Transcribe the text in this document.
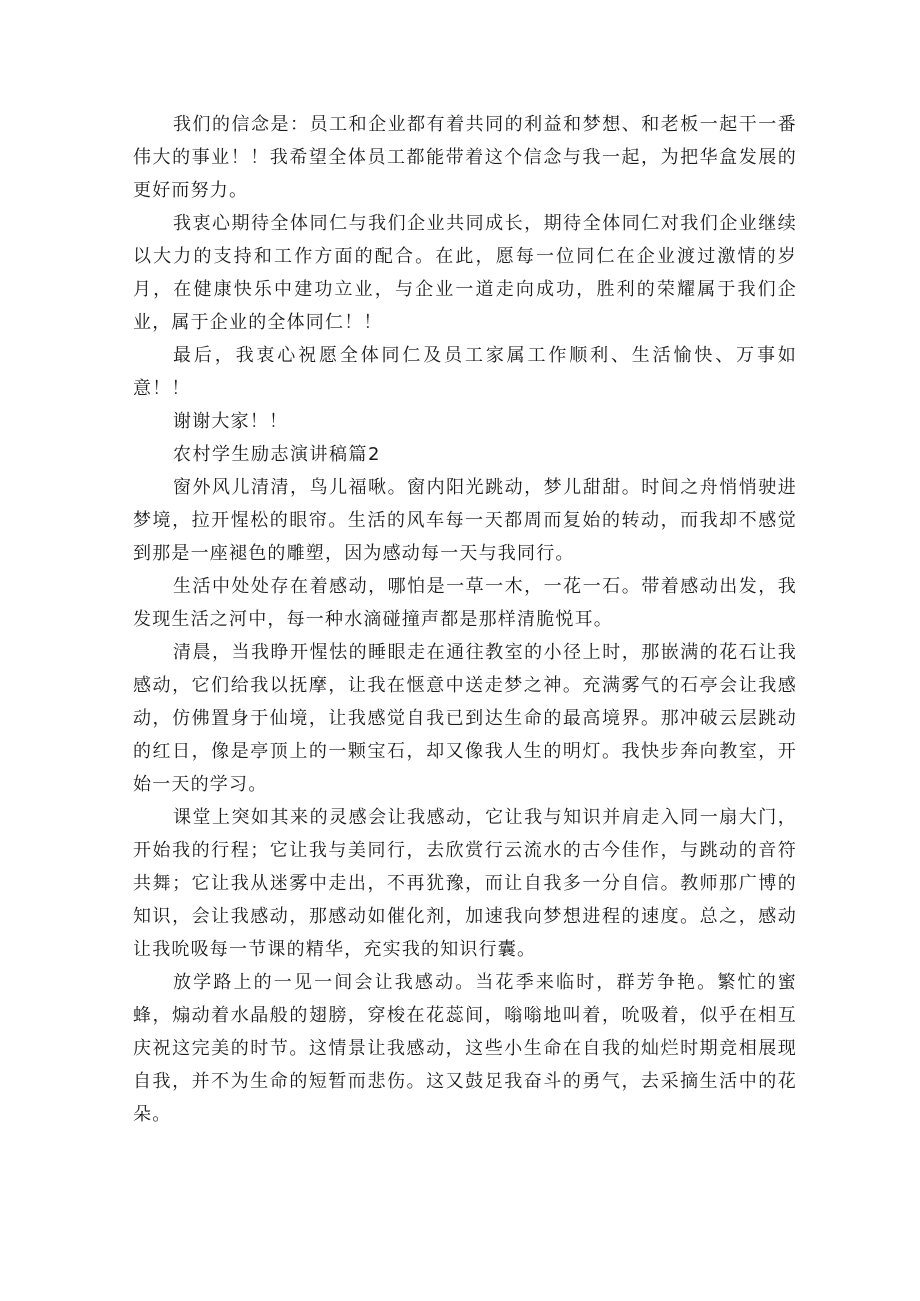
我们的信念是：员工和企业都有着共同的利益和梦想、和老板一起干一番伟大的事业！！我希望全体员工都能带着这个信念与我一起，为把华盒发展的更好而努力。

我衷心期待全体同仁与我们企业共同成长，期待全体同仁对我们企业继续以大力的支持和工作方面的配合。在此，愿每一位同仁在企业渡过激情的岁月，在健康快乐中建功立业，与企业一道走向成功，胜利的荣耀属于我们企业，属于企业的全体同仁！！

最后，我衷心祝愿全体同仁及员工家属工作顺利、生活愉快、万事如意！！

谢谢大家！！

农村学生励志演讲稿篇2

窗外风儿清清，鸟儿福啾。窗内阳光跳动，梦儿甜甜。时间之舟悄悄驶进梦境，拉开惺松的眼帘。生活的风车每一天都周而复始的转动，而我却不感觉到那是一座褪色的雕塑，因为感动每一天与我同行。

生活中处处存在着感动，哪怕是一草一木，一花一石。带着感动出发，我发现生活之河中，每一种水滴碰撞声都是那样清脆悦耳。

清晨，当我睁开惺怯的睡眼走在通往教室的小径上时，那嵌满的花石让我感动，它们给我以抚摩，让我在惬意中送走梦之神。充满雾气的石亭会让我感动，仿佛置身于仙境，让我感觉自我已到达生命的最高境界。那冲破云层跳动的红日，像是亭顶上的一颗宝石，却又像我人生的明灯。我快步奔向教室，开始一天的学习。

课堂上突如其来的灵感会让我感动，它让我与知识并肩走入同一扇大门，开始我的行程；它让我与美同行，去欣赏行云流水的古今佳作，与跳动的音符共舞；它让我从迷雾中走出，不再犹豫，而让自我多一分自信。教师那广博的知识，会让我感动，那感动如催化剂，加速我向梦想进程的速度。总之，感动让我吮吸每一节课的精华，充实我的知识行囊。

放学路上的一见一间会让我感动。当花季来临时，群芳争艳。繁忙的蜜蜂，煽动着水晶般的翅膀，穿梭在花蕊间，嗡嗡地叫着，吮吸着，似乎在相互庆祝这完美的时节。这情景让我感动，这些小生命在自我的灿烂时期竞相展现自我，并不为生命的短暂而悲伤。这又鼓足我奋斗的勇气，去采摘生活中的花朵。
